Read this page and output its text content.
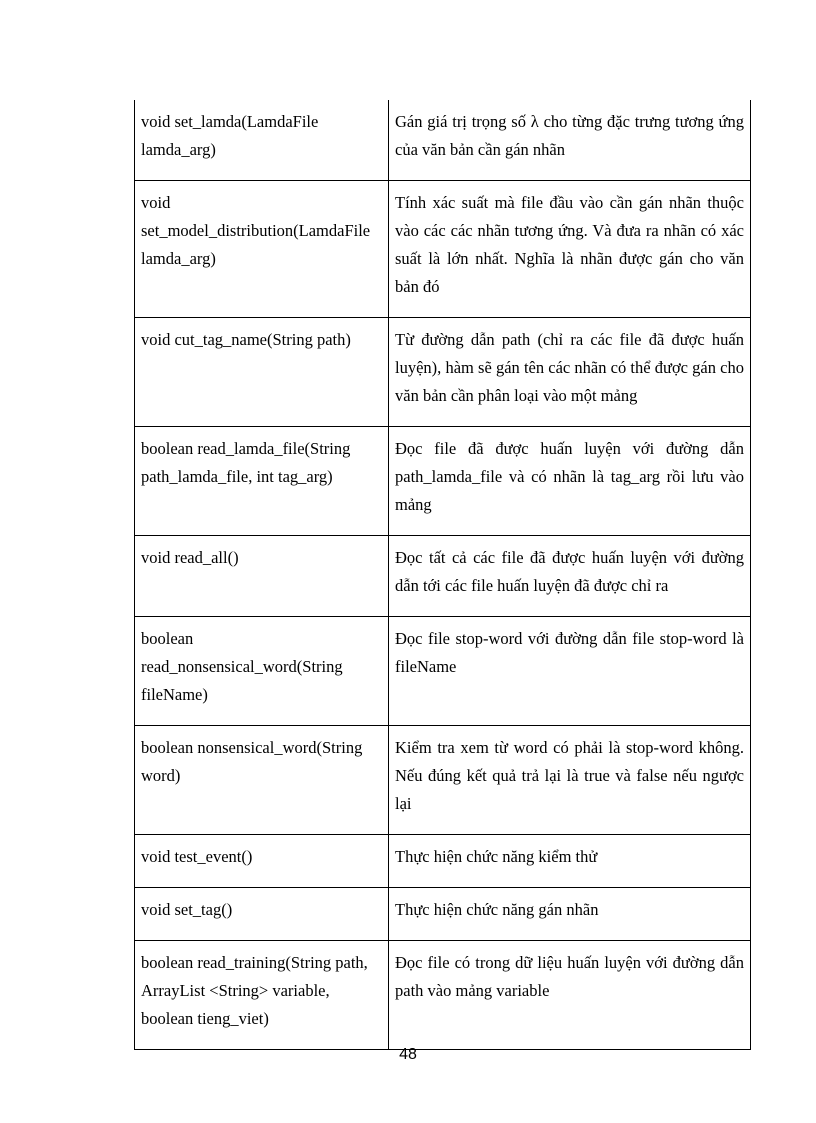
void set_lamda(LamdaFile
lamda_arg)	Gán giá trị trọng số λ cho từng đặc trưng tương ứng của văn bản cần gán nhãn
void
set_model_distribution(LamdaFile
lamda_arg)	Tính xác suất mà file đầu vào cần gán nhãn thuộc vào các các nhãn tương ứng. Và đưa ra nhãn có xác suất là lớn nhất. Nghĩa là nhãn được gán cho văn bản đó
void cut_tag_name(String path)	Từ đường dẫn path (chỉ ra các file đã được huấn luyện), hàm sẽ gán tên các nhãn có thể được gán cho văn bản cần phân loại vào một mảng
boolean read_lamda_file(String
path_lamda_file, int tag_arg)	Đọc file đã được huấn luyện với đường dẫn path_lamda_file và có nhãn là tag_arg rồi lưu vào mảng
void read_all()	Đọc tất cả các file đã được huấn luyện với đường dẫn tới các file huấn luyện đã được chỉ ra
boolean
read_nonsensical_word(String
fileName)	Đọc file stop-word với đường dẫn file stop-word là fileName
boolean nonsensical_word(String
word)	Kiểm tra xem từ word có phải là stop-word không. Nếu đúng kết quả trả lại là true và false nếu ngược lại
void test_event()	Thực hiện chức năng kiểm thử
void set_tag()	Thực hiện chức năng gán nhãn
boolean read_training(String path,
ArrayList <String> variable,
boolean tieng_viet)	Đọc file có trong dữ liệu huấn luyện với đường dẫn path vào mảng variable
48
